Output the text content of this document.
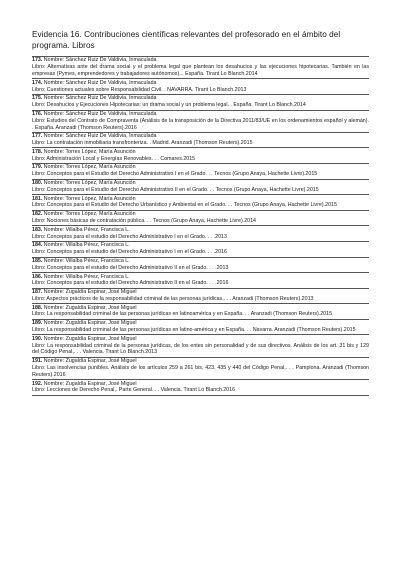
Evidencia 16. Contribuciones científicas relevantes del profesorado en el ámbito del programa. Libros
173. Nombre: Sánchez Ruiz De Valdivia, Inmaculada
Libro: Alternativas ante del drama social y el problema legal que plantean los desahucios y las ejecuciones hipotecarias. También en las empresas (Pymes, emprendedores y trabajadores autónomos)... España. Tirant Lo Blanch.2014
174. Nombre: Sánchez Ruiz De Valdivia, Inmaculada
Libro: Cuestiones actuales sobre Responsabilidad Civil. . NAVARRA. Tirant Lo Blanch.2013
175. Nombre: Sánchez Ruiz De Valdivia, Inmaculada
Libro: Desahucios y Ejecuciones Hipotecarias: un drama social y un problema legal. . España. Tirant Lo Blanch.2014
176. Nombre: Sánchez Ruiz De Valdivia, Inmaculada
Libro: Estudios del Contrato de Compraventa (Análisis de la transposición de la Directiva 2011/83/UE en los ordenamientos español y alemán). . España. Aranzadi (Thomson Reuters).2016
177. Nombre: Sánchez Ruiz De Valdivia, Inmaculada
Libro: La contratación inmobiliaria transfronteriza. . Madrid. Aranzadi (Thomson Reuters).2015
178. Nombre: Torres López, María Asunción
Libro: Administración Local y Energías Renovables. . . Comares.2015
179. Nombre: Torres López, María Asunción
Libro: Conceptos para el Estudio del Derecho Administrativo I en el Grado. . . Tecnos (Grupo Anaya, Hachette Livre).2015
180. Nombre: Torres López, María Asunción
Libro: Conceptos para el Estudio del Derecho Administrativo II en el Grado. . . Tecnos (Grupo Anaya, Hachette Livre).2015
181. Nombre: Torres López, María Asunción
Libro: Conceptos para el Estudio del Derecho Urbanístico y Ambiental en el Grado. . . Tecnos (Grupo Anaya, Hachette Livre).2015
182. Nombre: Torres López, María Asunción
Libro: Nociones básicas de contratación pública. . . Tecnos (Grupo Anaya, Hachette Livre).2014
183. Nombre: Villalba Pérez, Francisca L.
Libro: Conceptos para el estudio del Derecho Administrativo I en el Grado. . . .2013
184. Nombre: Villalba Pérez, Francisca L.
Libro: Conceptos para el estudio del Derecho Administrativo I en el Grado. . . .2016
185. Nombre: Villalba Pérez, Francisca L.
Libro: Conceptos para el estudio del Derecho Administrativo II en el Grado. . . .2013
186. Nombre: Villalba Pérez, Francisca L.
Libro: Conceptos para el estudio del Derecho Administrativo II en el Grado. . . .2016
187. Nombre: Zugaldía Espinar, José Miguel
Libro: Aspectos prácticos de la responsabilidad criminal de las personas jurídicas,. . . Aranzadi (Thomson Reuters).2013
188. Nombre: Zugaldía Espinar, José Miguel
Libro: La responsabilidad criminal de las personas jurídicas en latinoamérica y en España. . . Aranzadi (Thomson Reuters).2015
189. Nombre: Zugaldía Espinar, José Miguel
Libro: La responsabilidad criminal de las personas jurídicas en latino-américa y en España. . . Navarra. Aranzadi (Thomson Reuters).2015
190. Nombre: Zugaldía Espinar, José Miguel
Libro: La responsabilidad criminal de la personas jurídicas, de los entes sin personalidad y de sus directivos. Análisis de los art. 31 bis y 129 del Código Penal,. . . Valencia. Tirant Lo Blanch.2013
191. Nombre: Zugaldía Espinar, José Miguel
Libro: Las insolvencias punibles. Análisis de los artículos 259 a 261 bis, 423, 435 y 440 del Código Penal,. . . Pamplona. Aranzadi (Thomson Reuters).2016
192. Nombre: Zugaldía Espinar, José Miguel
Libro: Lecciones de Derecho Penal,. Parte General. . . Valencia. Tirant Lo Blanch.2016
